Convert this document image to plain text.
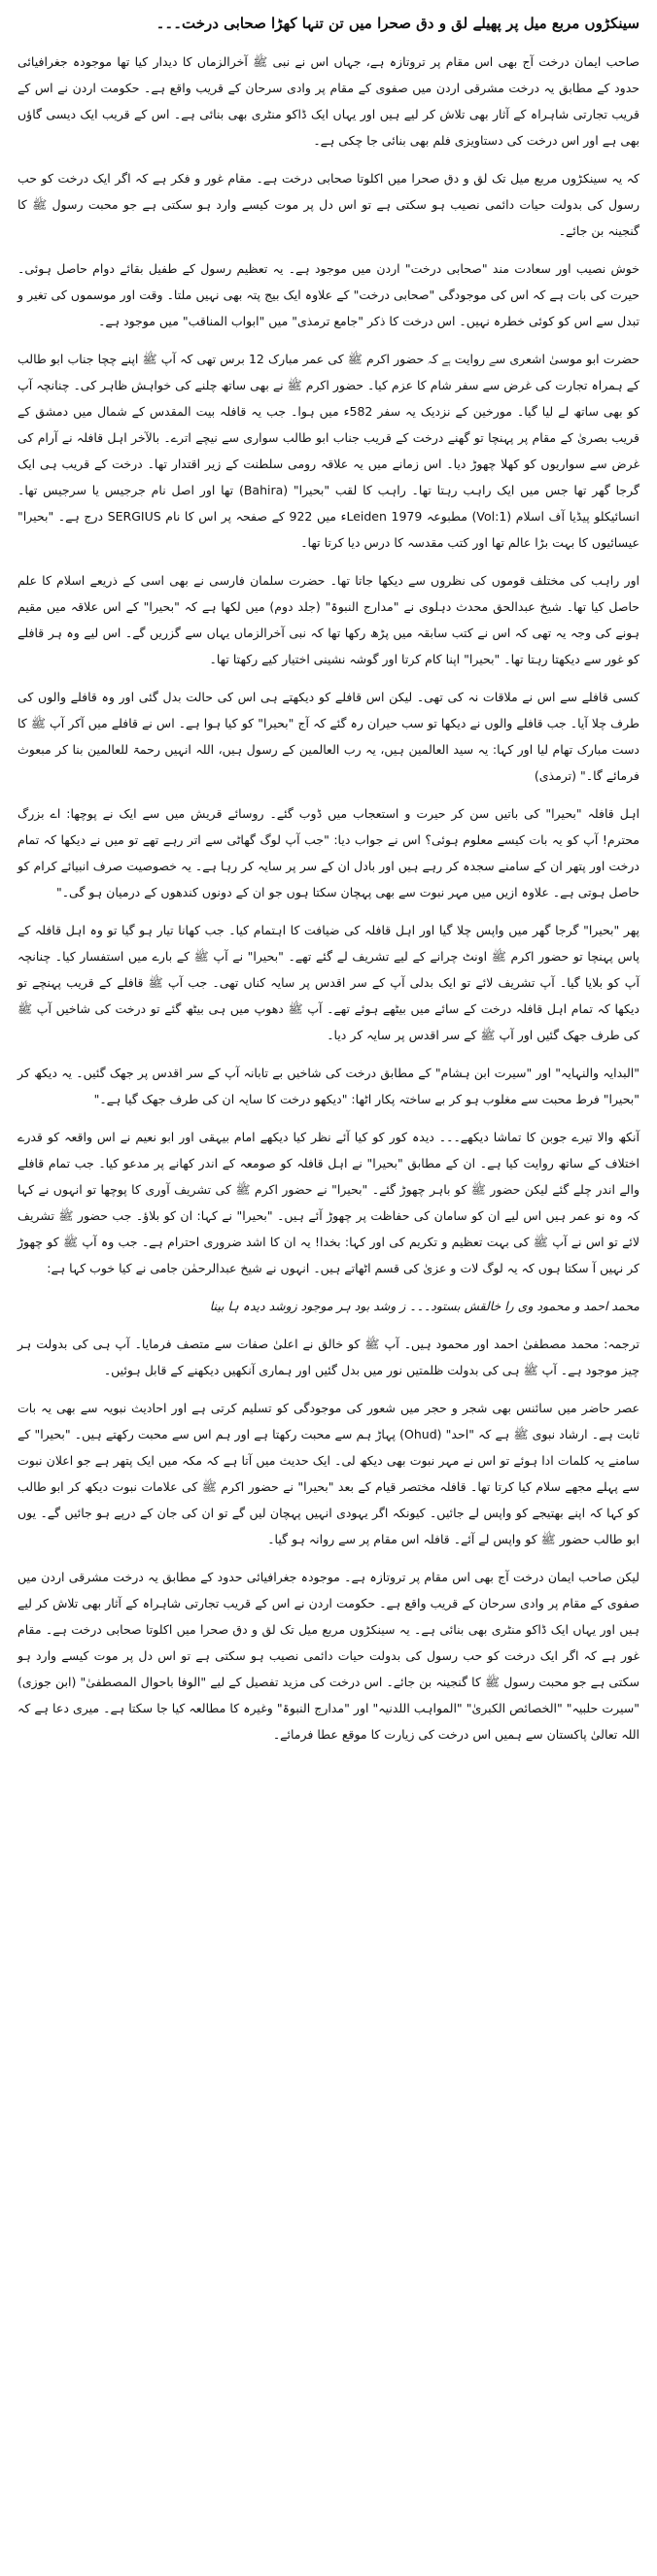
سینکڑوں مربع میل پر پھیلے لق و دق صحرا میں تن تنہا کھڑا صحابی درخت۔۔۔

صاحب ایمان درخت آج بھی اس مقام پر تروتازہ ہے، جہاں اس نے نبی ﷺ آخرالزماں کا دیدار کیا تھا موجودہ جغرافیائی حدود کے مطابق یہ درخت مشرقی اردن میں صفوی کے مقام پر وادی سرحان کے قریب واقع ہے۔ حکومت اردن نے اس کے قریب تجارتی شاہراہ کے آثار بھی تلاش کر لیے ہیں اور یہاں ایک ڈاکو منٹری بھی بنائی ہے۔ اس کے قریب ایک دیسی گاؤں بھی ہے اور اس درخت کی دستاویزی فلم بھی بنائی جا چکی ہے۔

کہ یہ سینکڑوں مربع میل تک لق و دق صحرا میں اکلوتا صحابی درخت ہے۔ مقام غور و فکر ہے کہ اگر ایک درخت کو حب رسول کی بدولت حیات دائمی نصیب ہو سکتی ہے تو اس دل پر موت کیسے وارد ہو سکتی ہے جو محبت رسول ﷺ کا گنجینہ بن جائے۔

خوش نصیب اور سعادت مند "صحابی درخت" اردن میں موجود ہے۔ یہ تعظیم رسول کے طفیل بقائے دوام حاصل ہوئی۔ حیرت کی بات ہے کہ اس کی موجودگی "صحابی درخت" کے علاوہ ایک بیج پتہ بھی نہیں ملتا۔ وقت اور موسموں کی تغیر و تبدل سے اس کو کوئی خطرہ نہیں۔ اس درخت کا ذکر "جامع ترمذی" میں "ابواب المناقب" میں موجود ہے۔

حضرت ابو موسیٰ اشعری سے روایت ہے کہ حضور اکرم ﷺ کی عمر مبارک 12 برس تھی کہ آپ ﷺ اپنے چچا جناب ابو طالب کے ہمراہ تجارت کی غرض سے سفر شام کا عزم کیا۔ حضور اکرم ﷺ نے بھی ساتھ چلنے کی خواہش ظاہر کی۔ چنانچہ آپ کو بھی ساتھ لے لیا گیا۔ مورخین کے نزدیک یہ سفر 582ء میں ہوا۔ جب یہ قافلہ بیت المقدس کے شمال میں دمشق کے قریب بصریٰ کے مقام پر پہنچا تو گھنے درخت کے قریب جناب ابو طالب سواری سے نیچے اترے۔ بالآخر اہل قافلہ نے آرام کی غرض سے سواریوں کو کھلا چھوڑ دیا۔ اس زمانے میں یہ علاقہ رومی سلطنت کے زیر اقتدار تھا۔ درخت کے قریب ہی ایک گرجا گھر تھا جس میں ایک راہب رہتا تھا۔ راہب کا لقب "بحیرا" (Bahira) تھا اور اصل نام جرجیس یا سرجیس تھا۔ انسائیکلو پیڈیا آف اسلام (Vol:1) مطبوعہ Leiden 1979ء میں 922 کے صفحہ پر اس کا نام SERGIUS درج ہے۔ "بحیرا" عیسائیوں کا بہت بڑا عالم تھا اور کتب مقدسہ کا درس دیا کرتا تھا۔

اور راہب کی مختلف قوموں کی نظروں سے دیکھا جاتا تھا۔ حضرت سلمان فارسی نے بھی اسی کے ذریعے اسلام کا علم حاصل کیا تھا۔ شیخ عبدالحق محدث دہلوی نے "مدارج النبوۃ" (جلد دوم) میں لکھا ہے کہ "بحیرا" کے اس علاقہ میں مقیم ہونے کی وجہ یہ تھی کہ اس نے کتب سابقہ میں پڑھ رکھا تھا کہ نبی آخرالزماں یہاں سے گزریں گے۔ اس لیے وہ ہر قافلے کو غور سے دیکھتا رہتا تھا۔ "بحیرا" اپنا کام کرتا اور گوشہ نشینی اختیار کیے رکھتا تھا۔

کسی قافلے سے اس نے ملاقات نہ کی تھی۔ لیکن اس قافلے کو دیکھتے ہی اس کی حالت بدل گئی اور وہ قافلے والوں کی طرف چلا آیا۔ جب قافلے والوں نے دیکھا تو سب حیران رہ گئے کہ آج "بحیرا" کو کیا ہوا ہے۔ اس نے قافلے میں آکر آپ ﷺ کا دست مبارک تھام لیا اور کہا: یہ سید العالمین ہیں، یہ رب العالمین کے رسول ہیں، اللہ انہیں رحمۃ للعالمین بنا کر مبعوث فرمائے گا۔" (ترمذی)

اہل قافلہ "بحیرا" کی باتیں سن کر حیرت و استعجاب میں ڈوب گئے۔ روسائے قریش میں سے ایک نے پوچھا: اے بزرگ محترم! آپ کو یہ بات کیسے معلوم ہوئی؟ اس نے جواب دیا: "جب آپ لوگ گھاٹی سے اتر رہے تھے تو میں نے دیکھا کہ تمام درخت اور پتھر ان کے سامنے سجدہ کر رہے ہیں اور بادل ان کے سر پر سایہ کر رہا ہے۔ یہ خصوصیت صرف انبیائے کرام کو حاصل ہوتی ہے۔ علاوہ ازیں میں مہر نبوت سے بھی پہچان سکتا ہوں جو ان کے دونوں کندھوں کے درمیان ہو گی۔"

پھر "بحیرا" گرجا گھر میں واپس چلا گیا اور اہل قافلہ کی ضیافت کا اہتمام کیا۔ جب کھانا تیار ہو گیا تو وہ اہل قافلہ کے پاس پہنچا تو حضور اکرم ﷺ اونٹ چرانے کے لیے تشریف لے گئے تھے۔ "بحیرا" نے آپ ﷺ کے بارے میں استفسار کیا۔ چنانچہ آپ کو بلایا گیا۔ آپ تشریف لائے تو ایک بدلی آپ کے سر اقدس پر سایہ کناں تھی۔ جب آپ ﷺ قافلے کے قریب پہنچے تو دیکھا کہ تمام اہل قافلہ درخت کے سائے میں بیٹھے ہوئے تھے۔ آپ ﷺ دھوپ میں ہی بیٹھ گئے تو درخت کی شاخیں آپ ﷺ کی طرف جھک گئیں اور آپ ﷺ کے سر اقدس پر سایہ کر دیا۔

"البدایہ والنہایہ" اور "سیرت ابن ہشام" کے مطابق درخت کی شاخیں بے تابانہ آپ کے سر اقدس پر جھک گئیں۔ یہ دیکھ کر "بحیرا" فرط محبت سے مغلوب ہو کر بے ساختہ پکار اٹھا: "دیکھو درخت کا سایہ ان کی طرف جھک گیا ہے۔"

آنکھ والا تیرے جوبن کا تماشا دیکھے۔۔۔ دیدہ کور کو کیا آئے نظر کیا دیکھے امام بیہقی اور ابو نعیم نے اس واقعہ کو قدرے اختلاف کے ساتھ روایت کیا ہے۔ ان کے مطابق "بحیرا" نے اہل قافلہ کو صومعہ کے اندر کھانے پر مدعو کیا۔ جب تمام قافلے والے اندر چلے گئے لیکن حضور ﷺ کو باہر چھوڑ گئے۔ "بحیرا" نے حضور اکرم ﷺ کی تشریف آوری کا پوچھا تو انہوں نے کہا کہ وہ نو عمر ہیں اس لیے ان کو سامان کی حفاظت پر چھوڑ آئے ہیں۔ "بحیرا" نے کہا: ان کو بلاؤ۔ جب حضور ﷺ تشریف لائے تو اس نے آپ ﷺ کی بہت تعظیم و تکریم کی اور کہا: بخدا! یہ ان کا اشد ضروری احترام ہے۔ جب وہ آپ ﷺ کو چھوڑ کر نہیں آ سکتا ہوں کہ یہ لوگ لات و عزیٰ کی قسم اٹھاتے ہیں۔ انہوں نے شیخ عبدالرحمٰن جامی نے کیا خوب کہا ہے:

محمد احمد و محمود وی را خالقش بستود۔۔۔ ز وشد بود ہر موجود زوشد دیدہ ہا بینا

ترجمہ: محمد مصطفیٰ احمد اور محمود ہیں۔ آپ ﷺ کو خالق نے اعلیٰ صفات سے متصف فرمایا۔ آپ ہی کی بدولت ہر چیز موجود ہے۔ آپ ﷺ ہی کی بدولت ظلمتیں نور میں بدل گئیں اور ہماری آنکھیں دیکھنے کے قابل ہوئیں۔

عصر حاضر میں سائنس بھی شجر و حجر میں شعور کی موجودگی کو تسلیم کرتی ہے اور احادیث نبویہ سے بھی یہ بات ثابت ہے۔ ارشاد نبوی ﷺ ہے کہ "احد" (Ohud) پہاڑ ہم سے محبت رکھتا ہے اور ہم اس سے محبت رکھتے ہیں۔ "بحیرا" کے سامنے یہ کلمات ادا ہوئے تو اس نے مہر نبوت بھی دیکھ لی۔ ایک حدیث میں آتا ہے کہ مکہ میں ایک پتھر ہے جو اعلان نبوت سے پہلے مجھے سلام کیا کرتا تھا۔ قافلہ مختصر قیام کے بعد "بحیرا" نے حضور اکرم ﷺ کی علامات نبوت دیکھ کر ابو طالب کو کہا کہ اپنے بھتیجے کو واپس لے جائیں۔ کیونکہ اگر یہودی انہیں پہچان لیں گے تو ان کی جان کے درپے ہو جائیں گے۔ یوں ابو طالب حضور ﷺ کو واپس لے آئے۔ قافلہ اس مقام پر سے روانہ ہو گیا۔

لیکن صاحب ایمان درخت آج بھی اس مقام پر تروتازہ ہے۔ موجودہ جغرافیائی حدود کے مطابق یہ درخت مشرقی اردن میں صفوی کے مقام پر وادی سرحان کے قریب واقع ہے۔ حکومت اردن نے اس کے قریب تجارتی شاہراہ کے آثار بھی تلاش کر لیے ہیں اور یہاں ایک ڈاکو منٹری بھی بنائی ہے۔ یہ سینکڑوں مربع میل تک لق و دق صحرا میں اکلوتا صحابی درخت ہے۔ مقام غور ہے کہ اگر ایک درخت کو حب رسول کی بدولت حیات دائمی نصیب ہو سکتی ہے تو اس دل پر موت کیسے وارد ہو سکتی ہے جو محبت رسول ﷺ کا گنجینہ بن جائے۔ اس درخت کی مزید تفصیل کے لیے "الوفا باحوال المصطفیٰ" (ابن جوزی) "سیرت حلبیہ" "الخصائص الکبریٰ" "المواہب اللدنیہ" اور "مدارج النبوۃ" وغیرہ کا مطالعہ کیا جا سکتا ہے۔ میری دعا ہے کہ اللہ تعالیٰ پاکستان سے ہمیں اس درخت کی زیارت کا موقع عطا فرمائے۔
